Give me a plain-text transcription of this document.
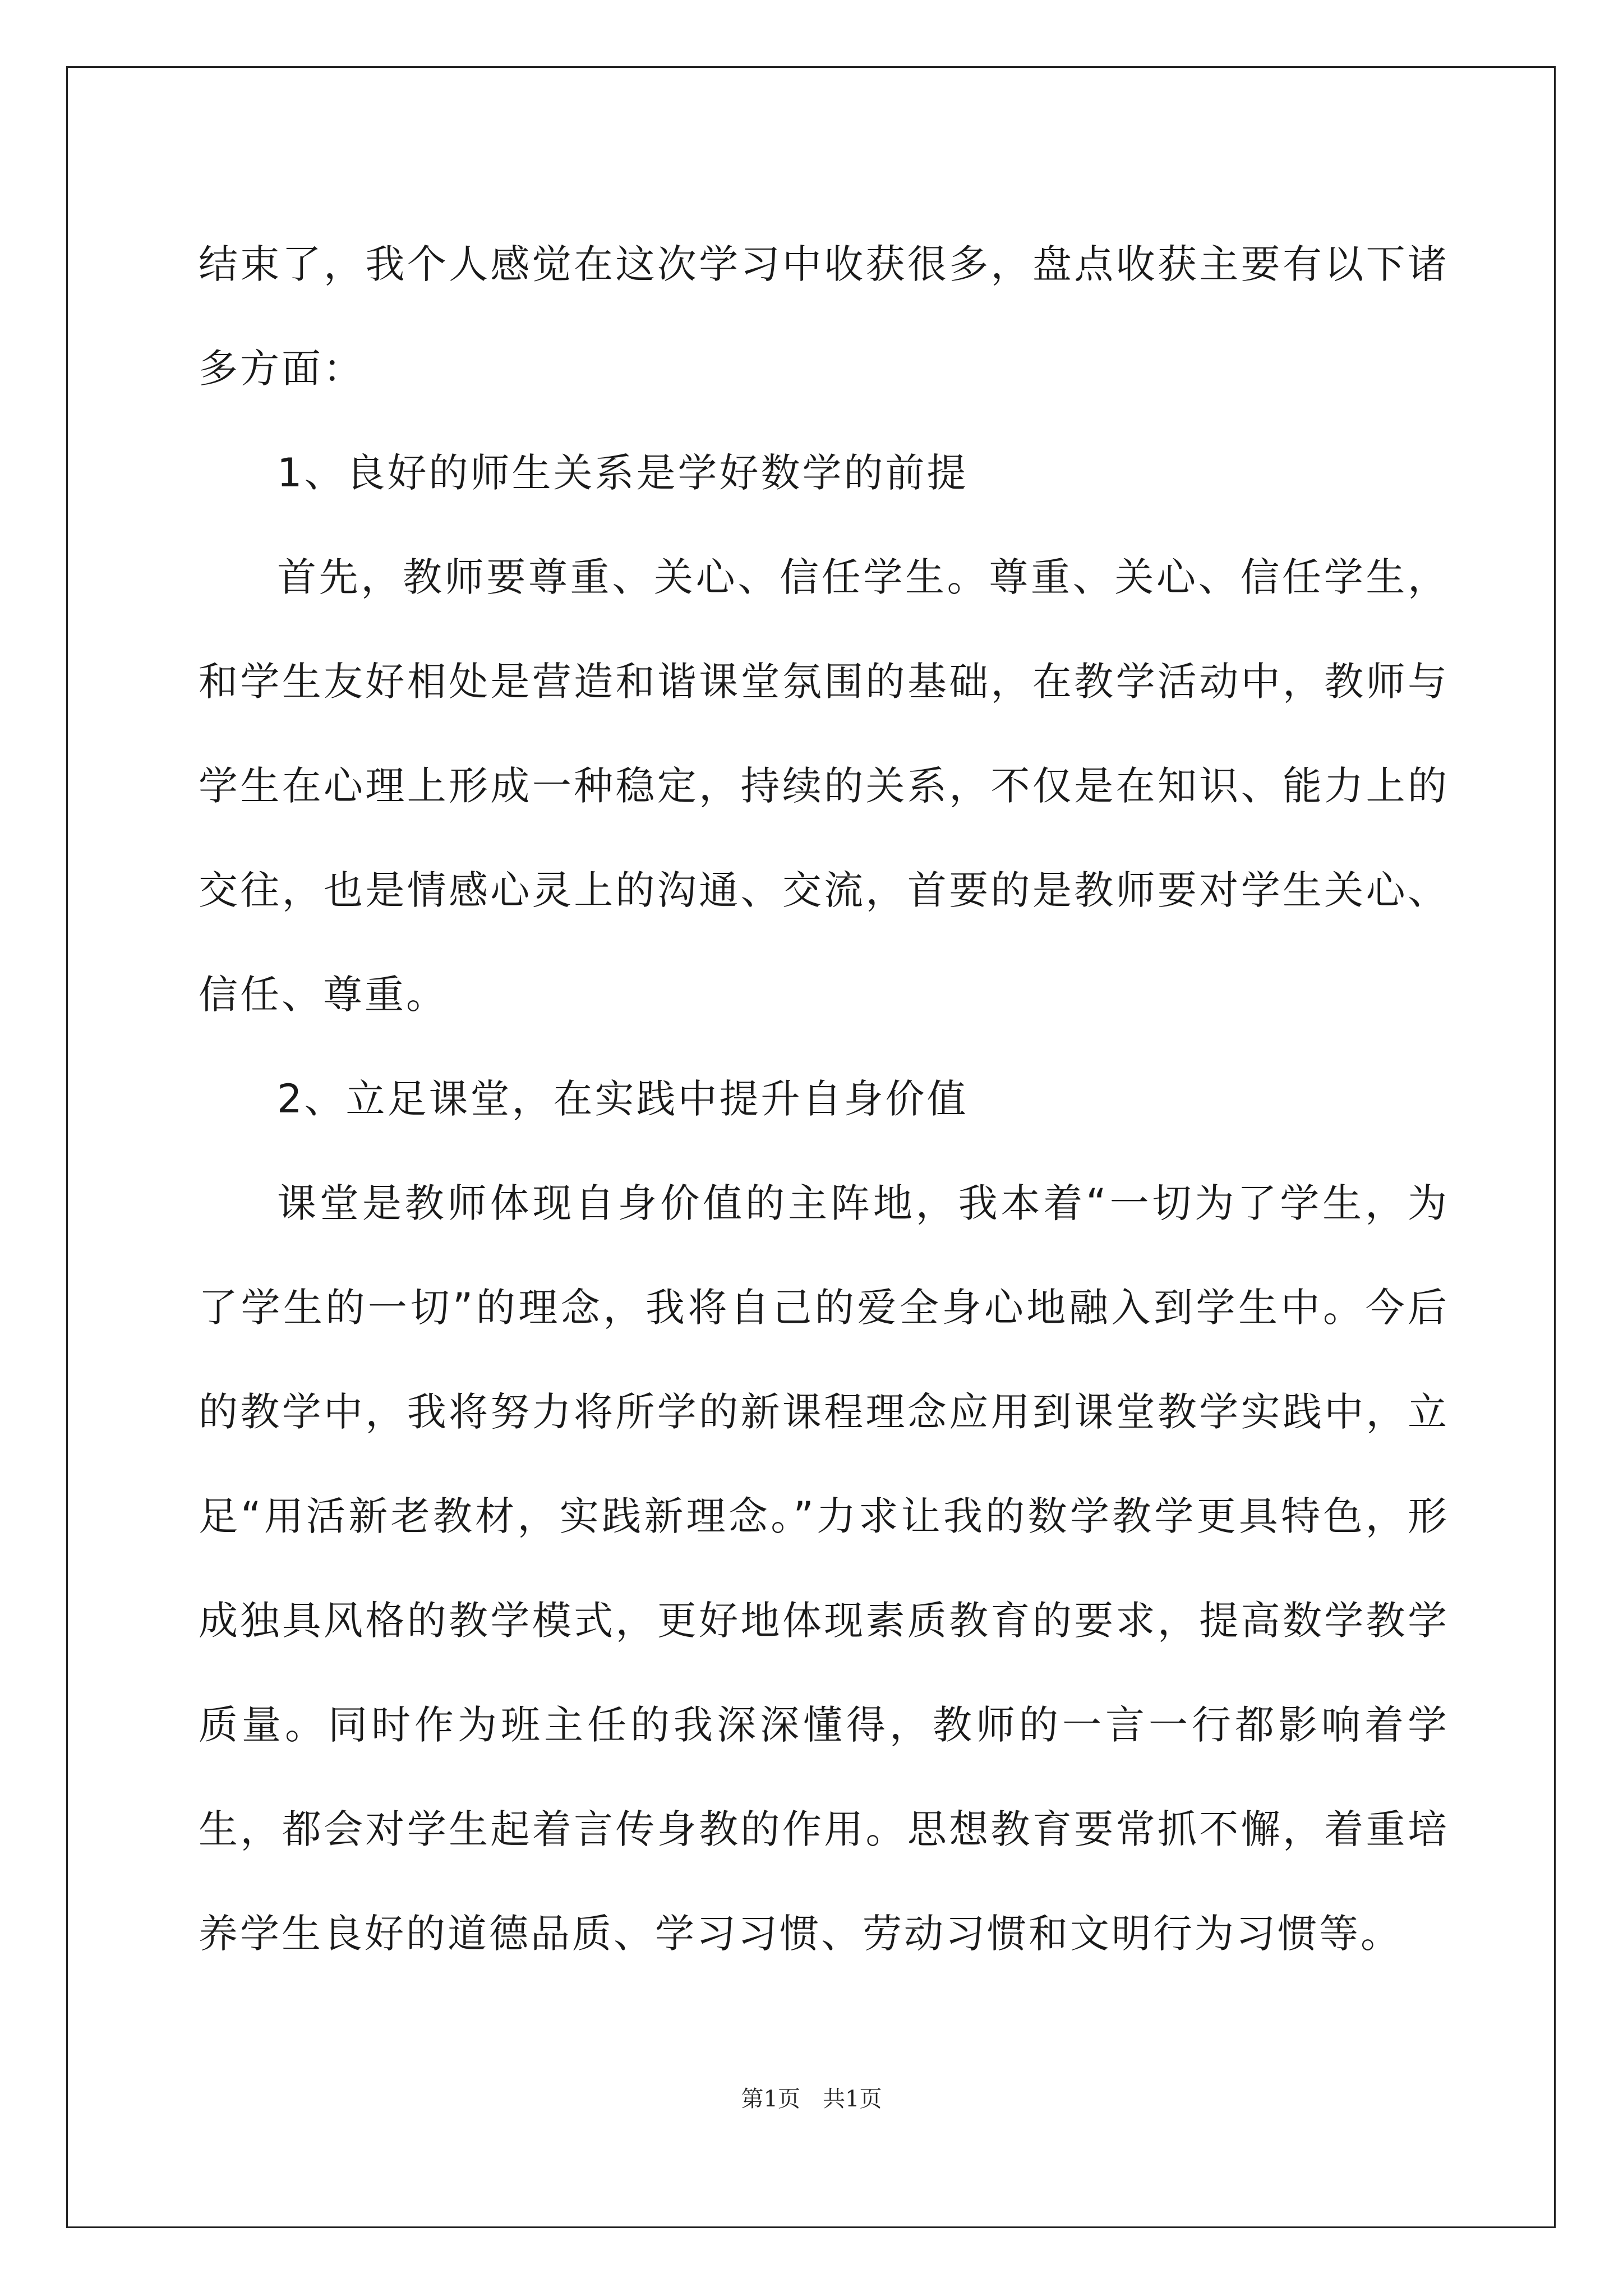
结束了，我个人感觉在这次学习中收获很多，盘点收获主要有以下诸多方面：

1、良好的师生关系是学好数学的前提

首先，教师要尊重、关心、信任学生。尊重、关心、信任学生，和学生友好相处是营造和谐课堂氛围的基础，在教学活动中，教师与学生在心理上形成一种稳定，持续的关系，不仅是在知识、能力上的交往，也是情感心灵上的沟通、交流，首要的是教师要对学生关心、信任、尊重。

2、立足课堂，在实践中提升自身价值

课堂是教师体现自身价值的主阵地，我本着“一切为了学生，为了学生的一切”的理念，我将自己的爱全身心地融入到学生中。今后的教学中，我将努力将所学的新课程理念应用到课堂教学实践中，立足“用活新老教材，实践新理念。”力求让我的数学教学更具特色，形成独具风格的教学模式，更好地体现素质教育的要求，提高数学教学质量。同时作为班主任的我深深懂得，教师的一言一行都影响着学生，都会对学生起着言传身教的作用。思想教育要常抓不懈，着重培养学生良好的道德品质、学习习惯、劳动习惯和文明行为习惯等。

第1页　共1页
